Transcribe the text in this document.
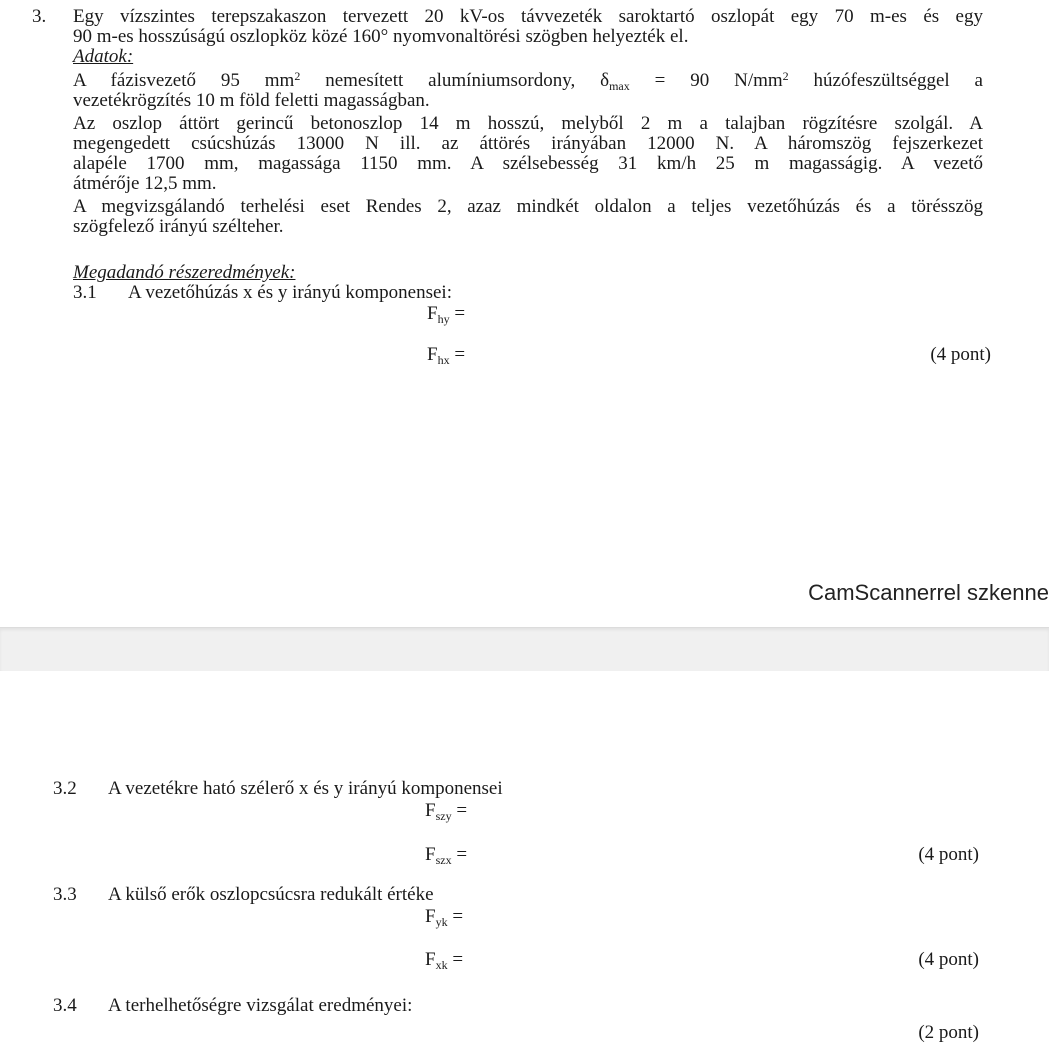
3. Egy vízszintes terepszakaszon tervezett 20 kV-os távvezeték saroktartó oszlopát egy 70 m-es és egy
90 m-es hosszúságú oszlopköz közé 160° nyomvonaltörési szögben helyezték el.
Adatok:
A fázisvezető 95 $mm^2$ nemesített alumíniumsordony, $\delta_{max} = 90$ $N/mm^2$ húzófeszültséggel a
vezetékrögzítés 10 m föld feletti magasságban.
Az oszlop áttört gerincű betonoszlop 14 m hosszú, melyből 2 m a talajban rögzítésre szolgál. A
megengedett csúcshúzás 13000 N ill. az áttörés irányában 12000 N. A háromszög fejszerkezet
alapéle 1700 mm, magassága 1150 mm. A szélsebesség 31 km/h 25 m magasságig. A vezető
átmérője 12,5 mm.
A megvizsgálandó terhelési eset Rendes 2, azaz mindkét oldalon a teljes vezetőhúzás és a törésszög
szögfelező irányú szélteher.
Megadandó részeredmények:
3.1 A vezetőhúzás x és y irányú komponensei:
$F_{hy}$ =
$F_{hx}$ =	(4 pont)
CamScannerrel szkenne
3.2 A vezetékre ható szélerő x és y irányú komponensei
$F_{szy}$ =
$F_{szx}$ =	(4 pont)
3.3 A külső erők oszlopcsúcsra redukált értéke
$F_{yk}$ =
$F_{xk}$ =	(4 pont)
3.4 A terhelhetőségre vizsgálat eredményei:
(2 pont)
